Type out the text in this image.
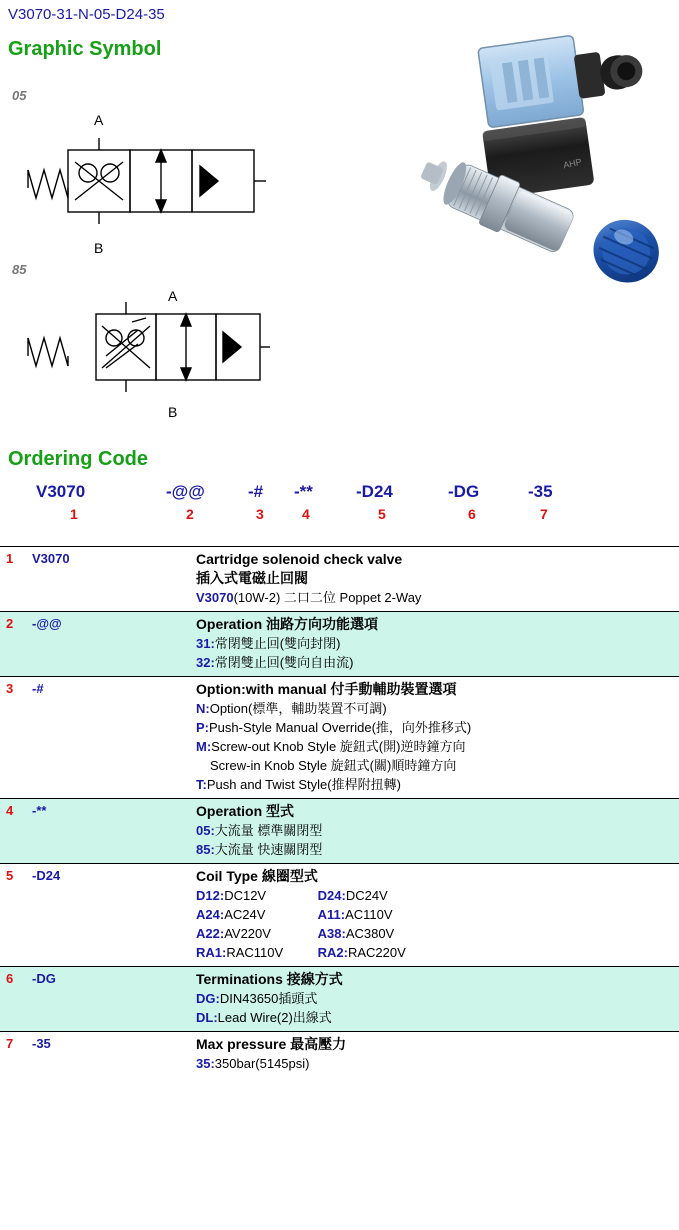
V3070-31-N-05-D24-35
Graphic Symbol
05
A
B
85
A
B
AHP
Ordering Code
V3070	-@@	-# -**	-D24	-DG	-35
1	2	3	4	5	6	7
1 V3070	Cartridge solenoid check valve
插入式電磁止回閥
V3070(10W-2) 二口二位 Poppet 2-Way
2 -@@	Operation 油路方向功能選項
31:常閉雙止回(雙向封閉)
32:常閉雙止回(雙向自由流)
3 -#	Option:with manual 付手動輔助裝置選項
N:Option(標準，輔助裝置不可調)
P:Push-Style Manual Override(推，向外推移式)
M:Screw-out Knob Style 旋鈕式(開)逆時鐘方向
Screw-in Knob Style 旋鈕式(關)順時鐘方向
T:Push and Twist Style(推桿附扭轉)
4 -**	Operation 型式
05:大流量 標準關閉型
85:大流量 快速關閉型
5 -D24	Coil Type 線圈型式
D12:DC12V	D24:DC24V
A24:AC24V	A11:AC110V
A22:AV220V	A38:AC380V
RA1:RAC110V	RA2:RAC220V
6 -DG	Terminations 接線方式
DG:DIN43650插頭式
DL:Lead Wire(2)出線式
7 -35	Max pressure 最高壓力
35:350bar(5145psi)
